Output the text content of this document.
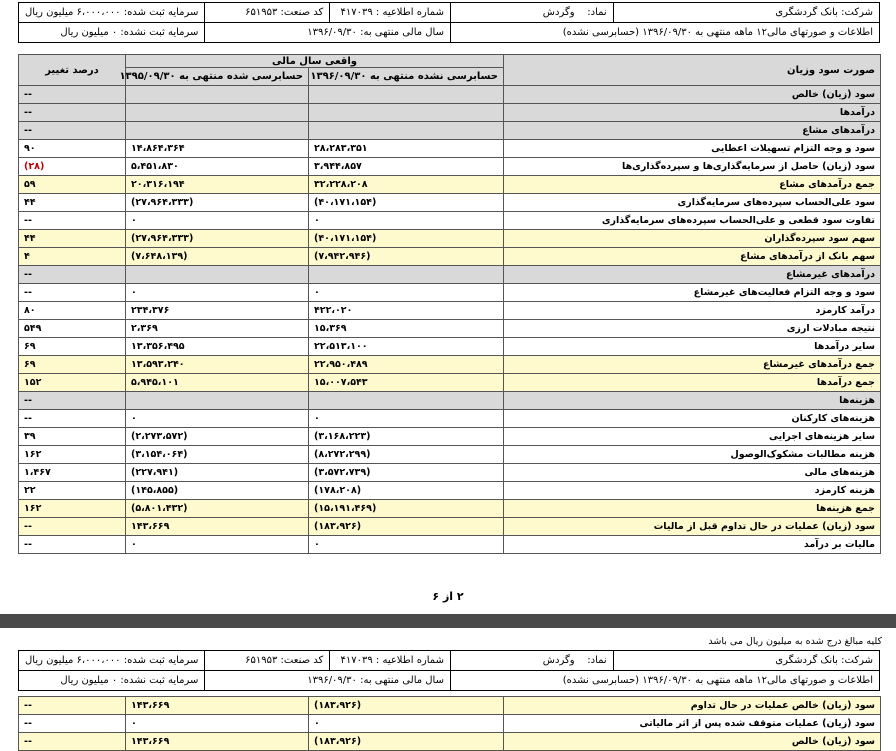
شرکت: بانک گردشگری	نماد:    وگردش	شماره اطلاعیه : ۴۱۷۰۳۹	کد صنعت: ۶۵۱۹۵۳	سرمایه ثبت شده: ۶،۰۰۰،۰۰۰ میلیون ریال
اطلاعات و صورتهای مالی۱۲ ماهه منتهی به ۱۳۹۶/۰۹/۳۰ (حسابرسی نشده)		سال مالی منتهی به: ۱۳۹۶/۰۹/۳۰		سرمایه ثبت نشده: ۰ میلیون ریال
صورت سود وزیان	واقعی سال مالی		درصد تغییر
	حسابرسی نشده منتهی به ۱۳۹۶/۰۹/۳۰	حسابرسی شده منتهی به ۱۳۹۵/۰۹/۳۰	
سود (زیان) خالص			--
درآمدها			--
درآمدهای مشاع			--
سود و وجه التزام تسهیلات اعطایی	۲۸،۲۸۳،۳۵۱	۱۴،۸۶۴،۳۶۴	۹۰
سود (زیان) حاصل از سرمایه‌گذاری‌ها و سپرده‌گذاری‌ها	۳،۹۴۴،۸۵۷	۵،۴۵۱،۸۳۰	(۲۸)
جمع درآمدهای مشاع	۳۲،۲۲۸،۲۰۸	۲۰،۳۱۶،۱۹۴	۵۹
سود علی‌الحساب سپرده‌های سرمایه‌گذاری	(۴۰،۱۷۱،۱۵۴)	(۲۷،۹۶۴،۳۳۳)	۴۴
تفاوت سود قطعی و علی‌الحساب سپرده‌های سرمایه‌گذاری	۰	۰	--
سهم سود سپرده‌گذاران	(۴۰،۱۷۱،۱۵۴)	(۲۷،۹۶۴،۳۳۳)	۴۴
سهم بانک از درآمدهای مشاع	(۷،۹۴۲،۹۴۶)	(۷،۶۴۸،۱۳۹)	۴
درآمدهای غیرمشاع			--
سود و وجه التزام فعالیت‌های غیرمشاع	۰	۰	--
درآمد کارمزد	۴۲۲،۰۲۰	۲۳۴،۳۷۶	۸۰
نتیجه مبادلات ارزی	۱۵،۳۶۹	۲،۳۶۹	۵۴۹
سایر درآمدها	۲۲،۵۱۳،۱۰۰	۱۳،۳۵۶،۴۹۵	۶۹
جمع درآمدهای غیرمشاع	۲۲،۹۵۰،۴۸۹	۱۳،۵۹۳،۲۴۰	۶۹
جمع درآمدها	۱۵،۰۰۷،۵۴۳	۵،۹۴۵،۱۰۱	۱۵۲
هزینه‌ها			--
هزینه‌های کارکنان	۰	۰	--
سایر هزینه‌های اجرایی	(۳،۱۶۸،۲۲۳)	(۲،۲۷۳،۵۷۲)	۳۹
هزینه مطالبات مشکوک‌الوصول	(۸،۲۷۲،۲۹۹)	(۳،۱۵۴،۰۶۴)	۱۶۲
هزینه‌های مالی	(۳،۵۷۲،۷۳۹)	(۲۲۷،۹۴۱)	۱،۴۶۷
هزینه کارمزد	(۱۷۸،۲۰۸)	(۱۴۵،۸۵۵)	۲۲
جمع هزینه‌ها	(۱۵،۱۹۱،۴۶۹)	(۵،۸۰۱،۴۳۲)	۱۶۲
سود (زیان) عملیات در حال تداوم قبل از مالیات	(۱۸۳،۹۲۶)	۱۴۳،۶۶۹	--
مالیات بر درآمد	۰	۰	--
۲ از ۶
کلیه مبالغ درج شده به میلیون ریال می باشد
شرکت: بانک گردشگری	نماد:    وگردش	شماره اطلاعیه : ۴۱۷۰۳۹	کد صنعت: ۶۵۱۹۵۳	سرمایه ثبت شده: ۶،۰۰۰،۰۰۰ میلیون ریال
اطلاعات و صورتهای مالی۱۲ ماهه منتهی به ۱۳۹۶/۰۹/۳۰ (حسابرسی نشده)		سال مالی منتهی به: ۱۳۹۶/۰۹/۳۰		سرمایه ثبت نشده: ۰ میلیون ریال
سود (زیان) خالص عملیات در حال تداوم	(۱۸۳،۹۲۶)	۱۴۳،۶۶۹	--
سود (زیان) عملیات متوقف شده پس از اثر مالیاتی	۰	۰	--
سود (زیان) خالص	(۱۸۳،۹۲۶)	۱۴۳،۶۶۹	--
